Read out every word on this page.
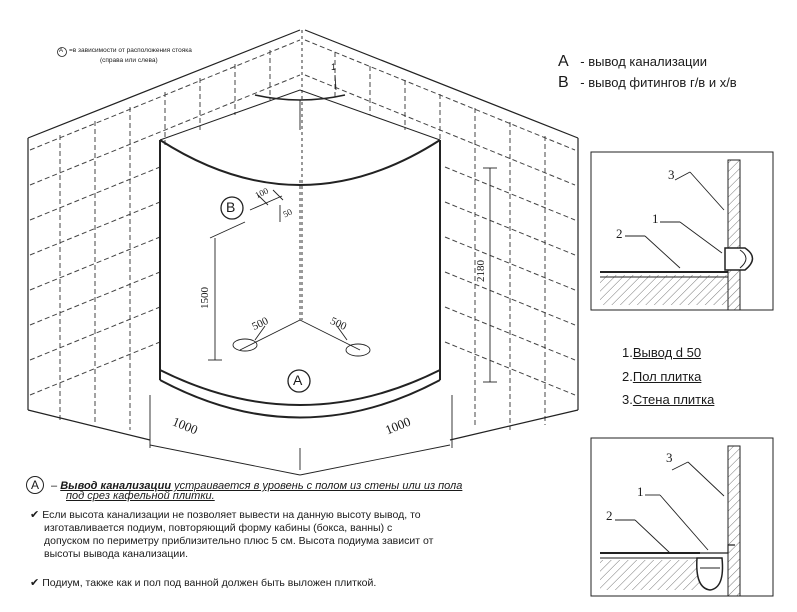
A =в зависимости от расположения стояка
(справа или слева)	A - вывод канализации
B - вывод фитингов г/в и х/в
1000	1000
2180
1500
500	500
100
50
1
B
A
3
1
2
3
1
2
1.Вывод d 50
2.Пол плитка
3.Стена плитка
A – Вывод канализации устраивается в уровень с полом из стены или из пола
под срез кафельной плитки.
✔ Если высота канализации не позволяет вывести на данную высоту вывод, то
изготавливается подиум, повторяющий форму кабины (бокса, ванны) с
допуском по периметру приблизительно плюс 5 см. Высота подиума зависит от
высоты вывода канализации.
✔ Подиум, также как и пол под ванной должен быть выложен плиткой.
